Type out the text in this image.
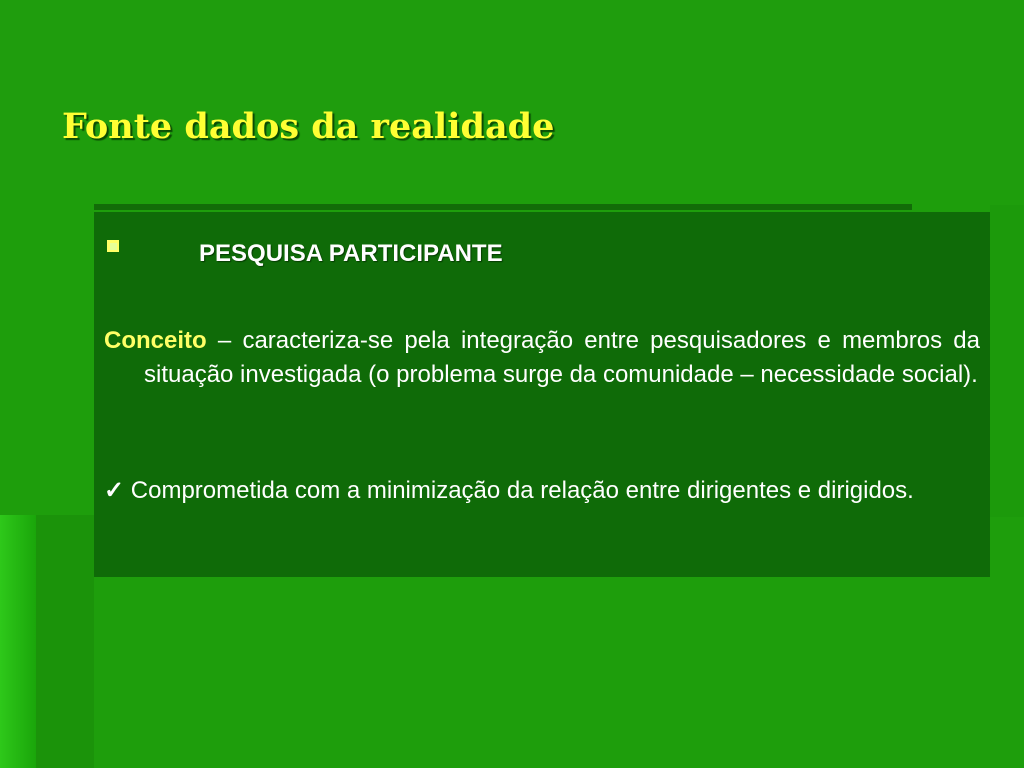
Fonte dados da realidade
PESQUISA PARTICIPANTE
Conceito – caracteriza-se pela integração entre pesquisadores e membros da situação investigada (o problema surge da comunidade – necessidade social).
✓ Comprometida com a minimização da relação entre dirigentes e dirigidos.
